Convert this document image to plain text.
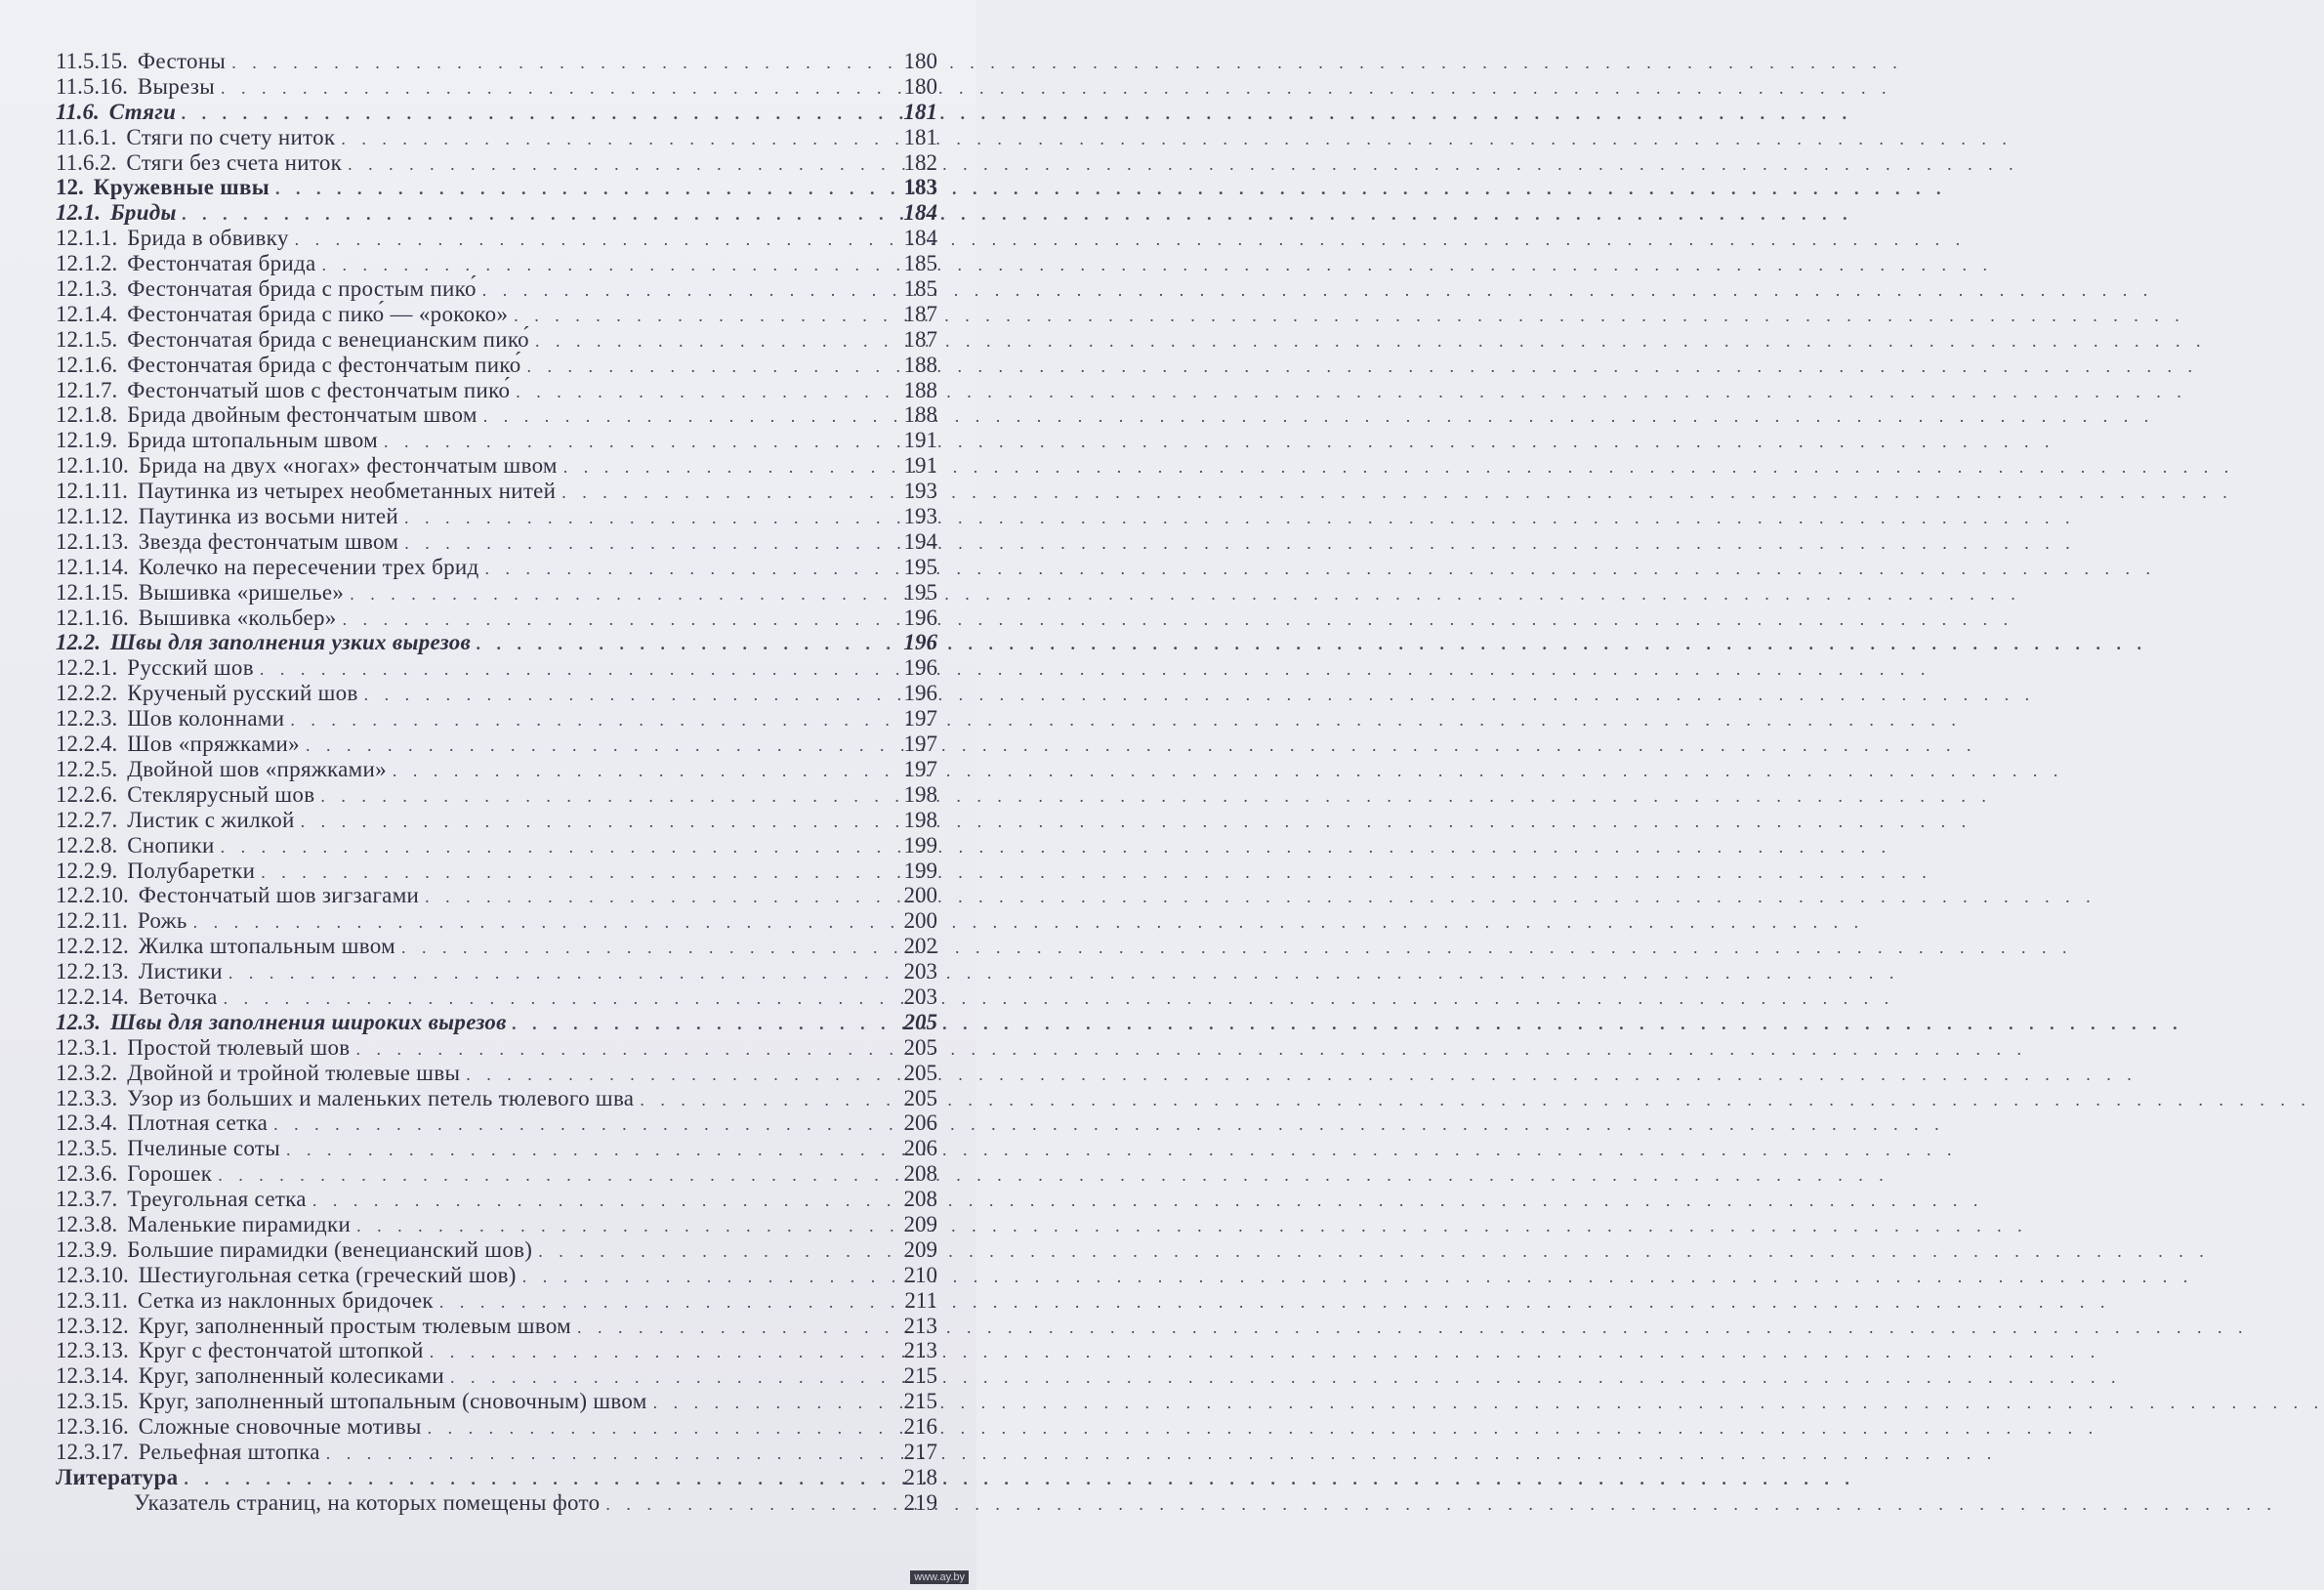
11.5.15. Фестоны . . .	180
11.5.16. Вырезы . . .	180
11.6. Стяги . . .	181
11.6.1. Стяги по счету ниток . . .	181
11.6.2. Стяги без счета ниток . . .	182
12. Кружевные швы . . .	183
12.1. Бриды . . .	184
12.1.1. Брида в обвивку . . .	184
12.1.2. Фестончатая брида . . .	185
12.1.3. Фестончатая брида с простым пико́ . . .	185
12.1.4. Фестончатая брида с пико́ — «рококо» . . .	187
12.1.5. Фестончатая брида с венецианским пико́ . . .	187
12.1.6. Фестончатая брида с фестончатым пико́ . . .	188
12.1.7. Фестончатый шов с фестончатым пико́ . . .	188
12.1.8. Брида двойным фестончатым швом . . .	188
12.1.9. Брида штопальным швом . . .	191
12.1.10. Брида на двух «ногах» фестончатым швом . . .	191
12.1.11. Паутинка из четырех необметанных нитей . . .	193
12.1.12. Паутинка из восьми нитей . . .	193
12.1.13. Звезда фестончатым швом . . .	194
12.1.14. Колечко на пересечении трех брид . . .	195
12.1.15. Вышивка «ришелье» . . .	195
12.1.16. Вышивка «кольбер» . . .	196
12.2. Швы для заполнения узких вырезов . . .	196
12.2.1. Русский шов . . .	196
12.2.2. Крученый русский шов . . .	196
12.2.3. Шов колоннами . . .	197
12.2.4. Шов «пряжками» . . .	197
12.2.5. Двойной шов «пряжками» . . .	197
12.2.6. Стеклярусный шов . . .	198
12.2.7. Листик с жилкой . . .	198
12.2.8. Снопики . . .	199
12.2.9. Полубаретки . . .	199
12.2.10. Фестончатый шов зигзагами . . .	200
12.2.11. Рожь . . .	200
12.2.12. Жилка штопальным швом . . .	202
12.2.13. Листики . . .	203
12.2.14. Веточка . . .	203
12.3. Швы для заполнения широких вырезов . . .	205
12.3.1. Простой тюлевый шов . . .	205
12.3.2. Двойной и тройной тюлевые швы . . .	205
12.3.3. Узор из больших и маленьких петель тюлевого шва . . .	205
12.3.4. Плотная сетка . . .	206
12.3.5. Пчелиные соты . . .	206
12.3.6. Горошек . . .	208
12.3.7. Треугольная сетка . . .	208
12.3.8. Маленькие пирамидки . . .	209
12.3.9. Большие пирамидки (венецианский шов) . . .	209
12.3.10. Шестиугольная сетка (греческий шов) . . .	210
12.3.11. Сетка из наклонных бридочек . . .	211
12.3.12. Круг, заполненный простым тюлевым швом . . .	213
12.3.13. Круг с фестончатой штопкой . . .	213
12.3.14. Круг, заполненный колесиками . . .	215
12.3.15. Круг, заполненный штопальным (сновочным) швом . . .	215
12.3.16. Сложные сновочные мотивы . . .	216
12.3.17. Рельефная штопка . . .	217
Литература . . .	218
Указатель страниц, на которых помещены фото . . .	219
www.ay.by
